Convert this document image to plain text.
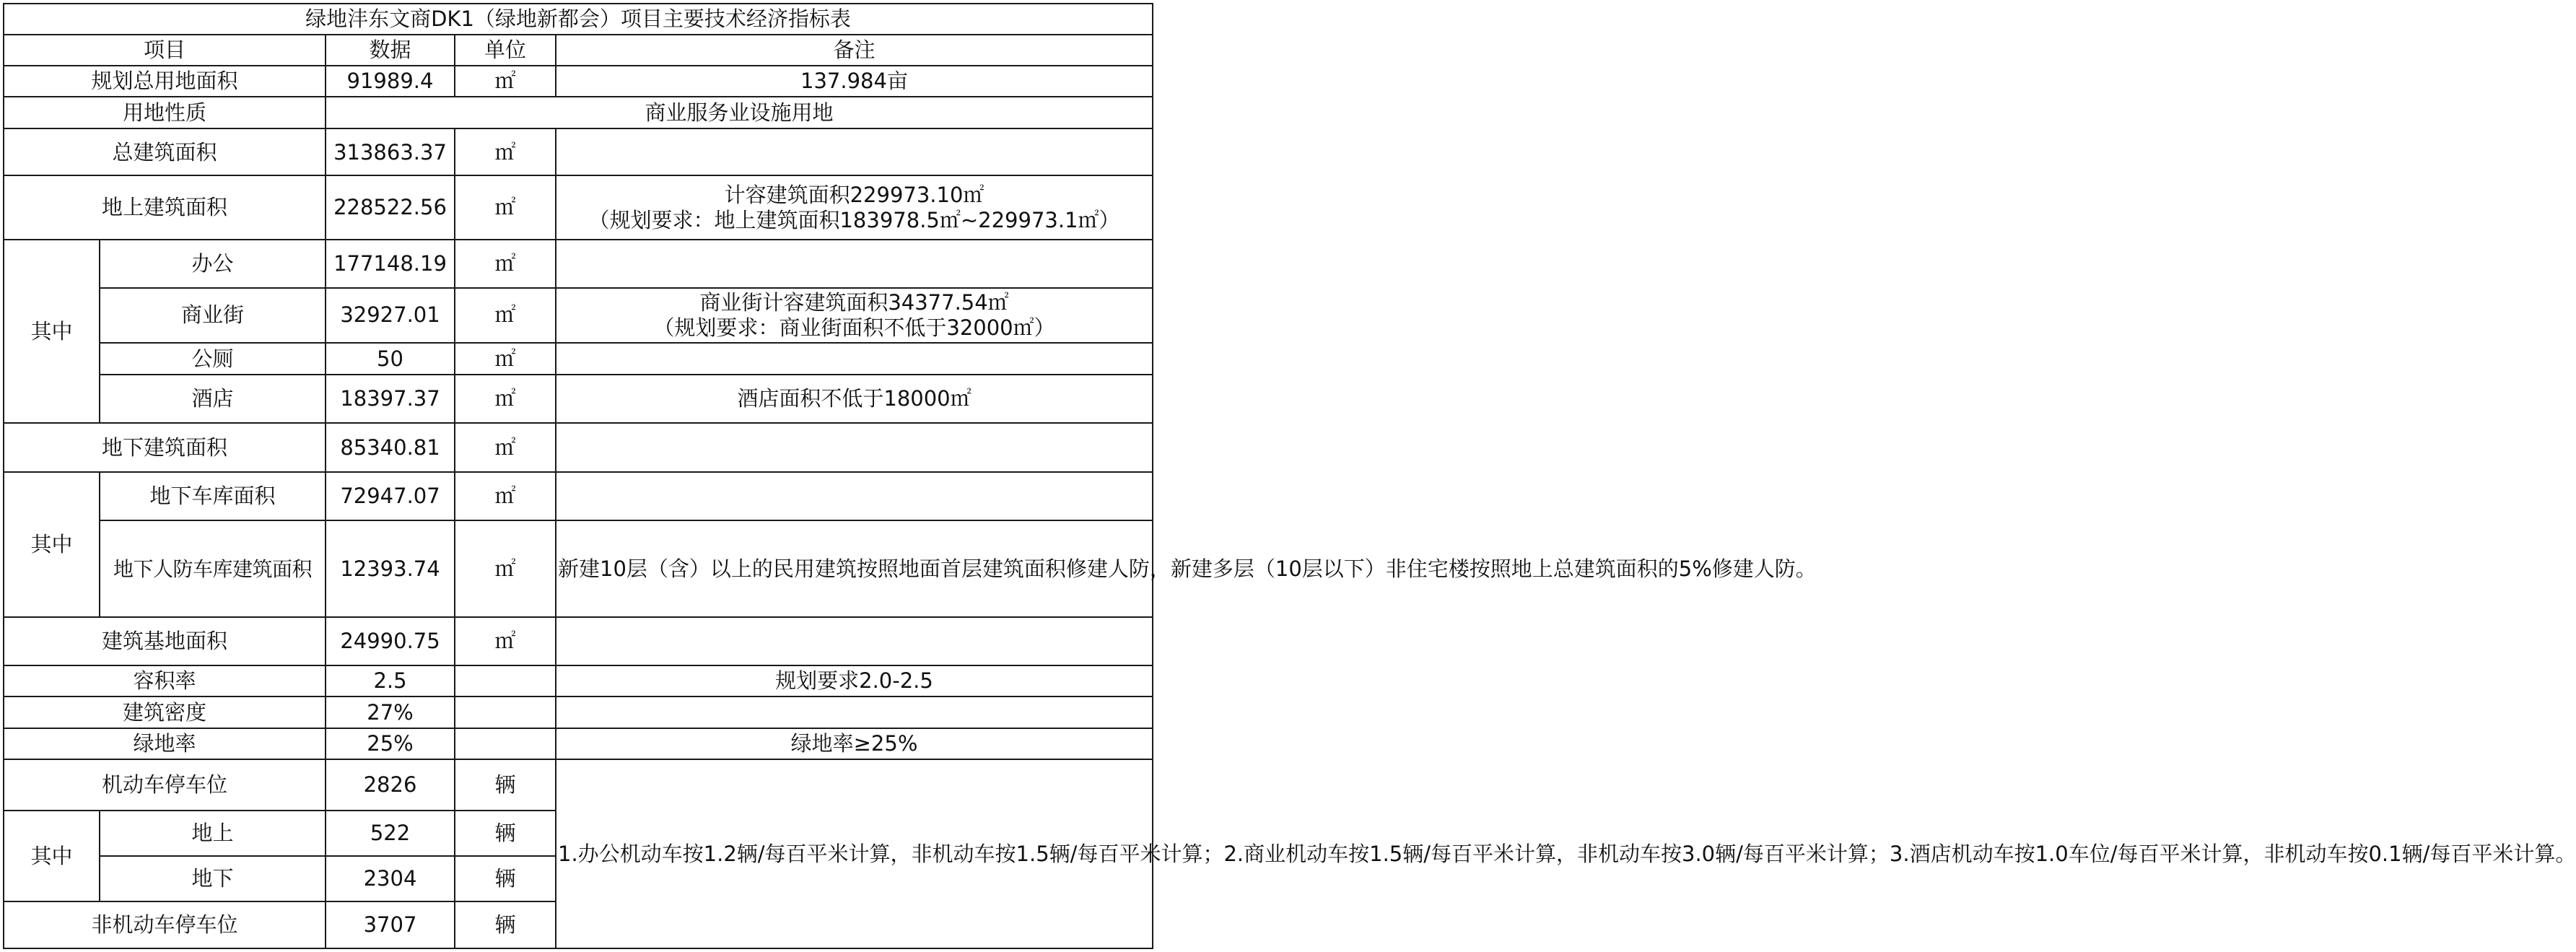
绿地沣东文商DK1（绿地新都会）项目主要技术经济指标表				
项目		数据	单位	备注
规划总用地面积		91989.4	㎡	137.984亩
用地性质		商业服务业设施用地		
总建筑面积		313863.37	㎡	
地上建筑面积		228522.56	㎡	计容建筑面积229973.10㎡
（规划要求：地上建筑面积183978.5㎡~229973.1㎡）

其中	办公	177148.19	㎡	
	商业街	32927.01	㎡	商业街计容建筑面积34377.54㎡
（规划要求：商业街面积不低于32000㎡）

	公厕	50	㎡	
	酒店	18397.37	㎡	酒店面积不低于18000㎡
地下建筑面积		85340.81	㎡	
其中	地下车库面积	72947.07	㎡	
	地下人防车库建筑面积	12393.74	㎡	新建10层（含）以上的民用建筑按照地面首层建筑面积修建人防，新建多层（10层以下）非住宅楼按照地上总建筑面积的5%修建人防。
建筑基地面积		24990.75	㎡	
容积率		2.5		规划要求2.0-2.5
建筑密度		27%		
绿地率		25%		绿地率≥25%
机动车停车位		2826	辆	1.办公机动车按1.2辆/每百平米计算，非机动车按1.5辆/每百平米计算；2.商业机动车按1.5辆/每百平米计算，非机动车按3.0辆/每百平米计算；3.酒店机动车按1.0车位/每百平米计算，非机动车按0.1辆/每百平米计算。
其中	地上	522	辆	
	地下	2304	辆	
非机动车停车位		3707	辆	
